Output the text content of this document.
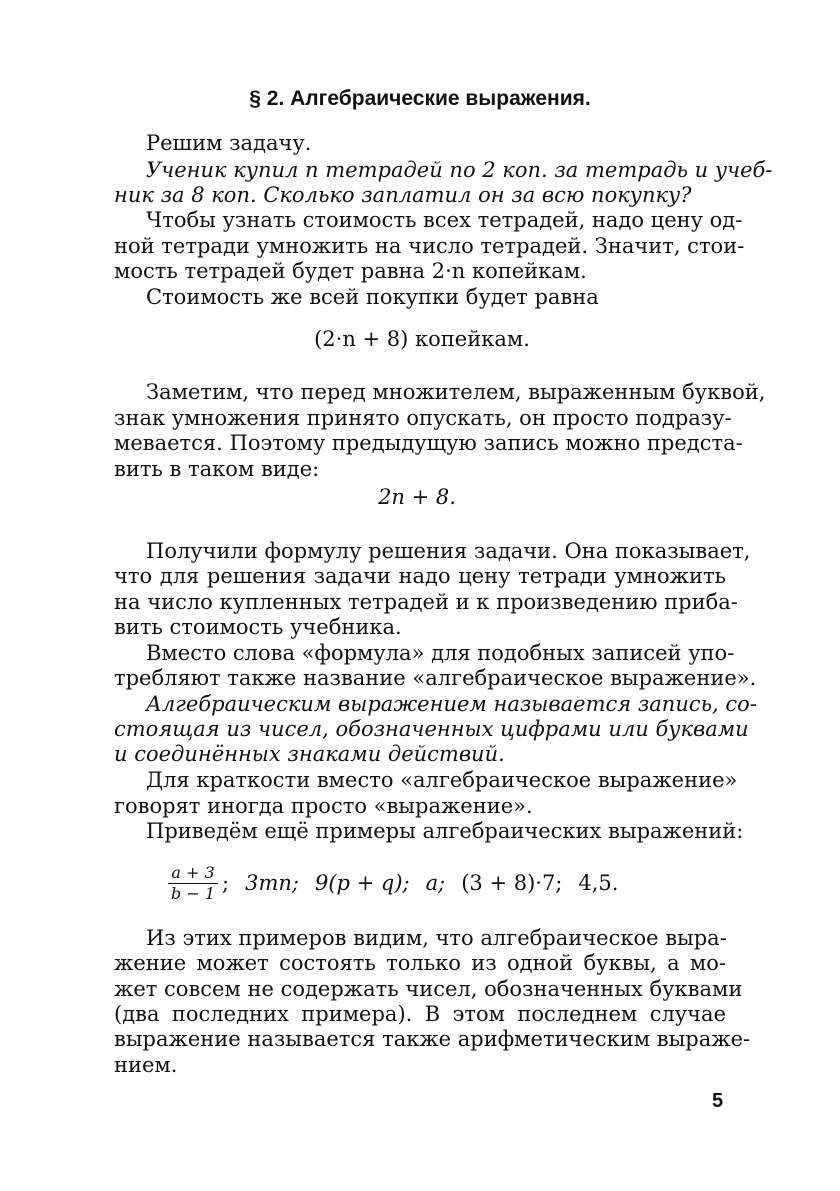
§ 2. Алгебраические выражения.
Решим задачу.
Ученик купил n тетрадей по 2 коп. за тетрадь и учеб-
ник за 8 коп. Сколько заплатил он за всю покупку?
Чтобы узнать стоимость всех тетрадей, надо цену од-
ной тетради умножить на число тетрадей. Значит, стои-
мость тетрадей будет равна 2·n копейкам.
Стоимость же всей покупки будет равна
(2·n + 8) копейкам.
Заметим, что перед множителем, выраженным буквой,
знак умножения принято опускать, он просто подразу-
мевается. Поэтому предыдущую запись можно предста-
вить в таком виде:
2n + 8.
Получили формулу решения задачи. Она показывает,
что для решения задачи надо цену тетради умножить
на число купленных тетрадей и к произведению приба-
вить стоимость учебника.
Вместо слова «формула» для подобных записей упо-
требляют также название «алгебраическое выражение».
Алгебраическим выражением называется запись, со-
стоящая из чисел, обозначенных цифрами или буквами
и соединённых знаками действий.
Для краткости вместо «алгебраическое выражение»
говорят иногда просто «выражение».
Приведём ещё примеры алгебраических выражений:
$\frac{a + 3}{b - 1}$ ; 3mn; 9(p + q); a; (3 + 8)·7; 4,5.
Из этих примеров видим, что алгебраическое выра-
жение может состоять только из одной буквы, а мо-
жет совсем не содержать чисел, обозначенных буквами
(два последних примера). В этом последнем случае
выражение называется также арифметическим выраже-
нием.
5
